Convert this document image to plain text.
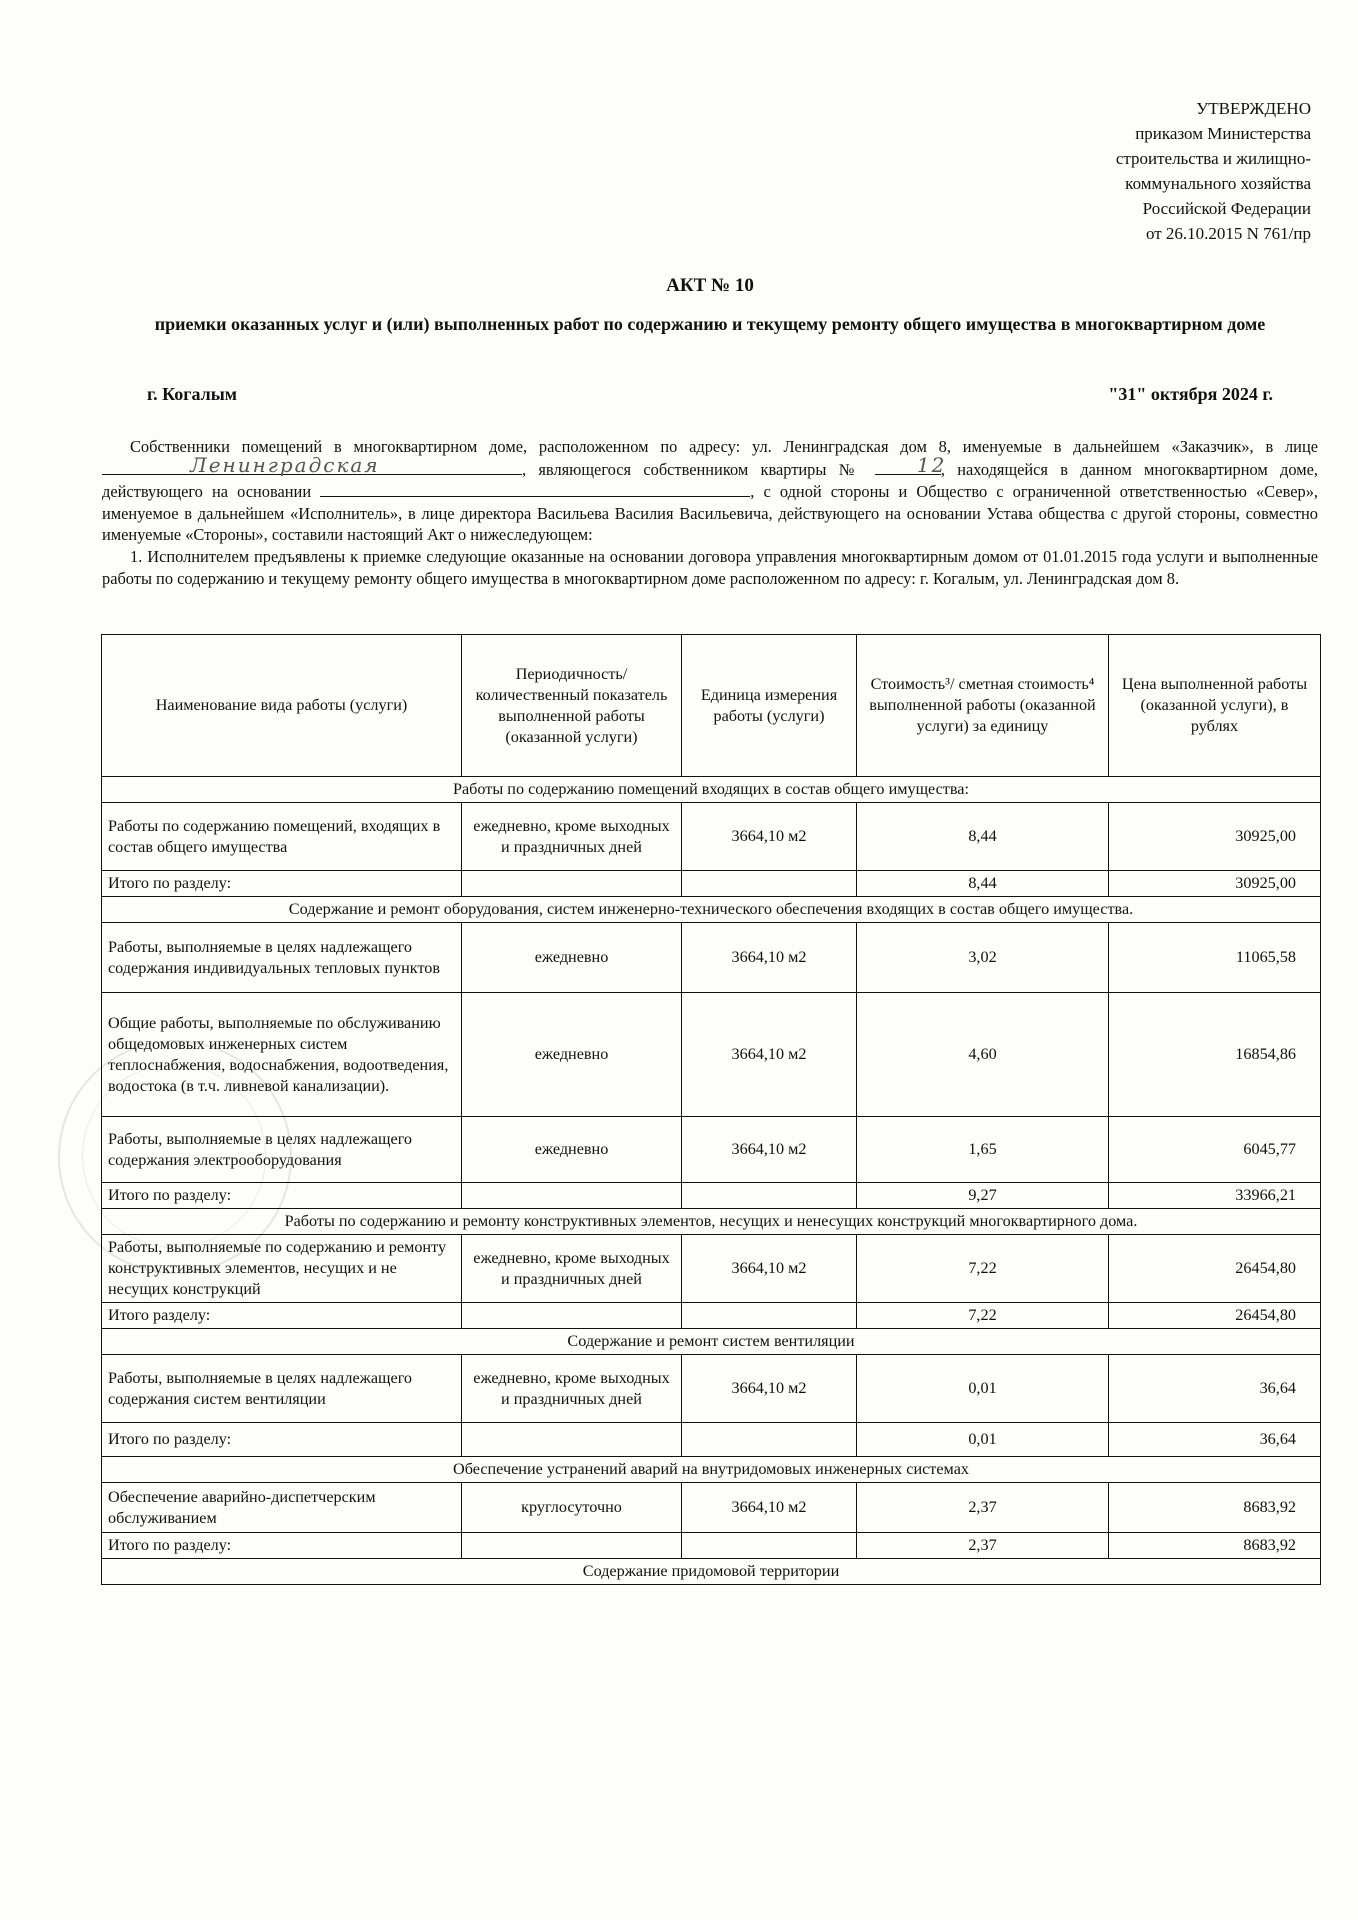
УТВЕРЖДЕНО
приказом Министерства
строительства и жилищно-
коммунального хозяйства
Российской Федерации
от 26.10.2015 N 761/пр
АКТ № 10
приемки оказанных услуг и (или) выполненных работ по содержанию и текущему ремонту общего имущества в многоквартирном доме
г. Когалым	"31" октября 2024 г.

Собственники помещений в многоквартирном доме, расположенном по адресу: ул. Ленинградская дом 8, именуемые в дальнейшем «Заказчик», в лице Ленинградская	, являющегося собственником квартиры №	12, находящейся в данном многоквартирном доме, действующего на основании	, с одной стороны и Общество с ограниченной ответственностью «Север», именуемое в дальнейшем «Исполнитель», в лице директора Васильева Василия Васильевича, действующего на основании Устава общества с другой стороны, совместно именуемые «Стороны», составили настоящий Акт о нижеследующем:

1. Исполнителем предъявлены к приемке следующие оказанные на основании договора управления многоквартирным домом от 01.01.2015 года услуги и выполненные работы по содержанию и текущему ремонту общего имущества в многоквартирном доме расположенном по адресу: г. Когалым, ул. Ленинградская дом 8.

Наименование вида работы (услуги)	Периодичность/ количественный показатель выполненной работы (оказанной услуги)	Единица измерения работы (услуги)	Стоимость³/ сметная стоимость⁴ выполненной работы (оказанной услуги) за единицу	Цена выполненной работы (оказанной услуги), в рублях
Работы по содержанию помещений входящих в состав общего имущества:				
Работы по содержанию помещений, входящих в состав общего имущества	ежедневно, кроме выходных и праздничных дней	3664,10 м2	8,44	30925,00
Итого по разделу:			8,44	30925,00
Содержание и ремонт оборудования, систем инженерно-технического обеспечения входящих в состав общего имущества.				
Работы, выполняемые в целях надлежащего содержания индивидуальных тепловых пунктов	ежедневно	3664,10 м2	3,02	11065,58
Общие работы, выполняемые по обслуживанию общедомовых инженерных систем теплоснабжения, водоснабжения, водоотведения, водостока (в т.ч. ливневой канализации).	ежедневно	3664,10 м2	4,60	16854,86
Работы, выполняемые в целях надлежащего содержания электрооборудования	ежедневно	3664,10 м2	1,65	6045,77
Итого по разделу:			9,27	33966,21
Работы по содержанию и ремонту конструктивных элементов, несущих и ненесущих конструкций многоквартирного дома.				
Работы, выполняемые по содержанию и ремонту конструктивных элементов, несущих и не несущих конструкций	ежедневно, кроме выходных и праздничных дней	3664,10 м2	7,22	26454,80
Итого разделу:			7,22	26454,80
Содержание и ремонт систем вентиляции				
Работы, выполняемые в целях надлежащего содержания систем вентиляции	ежедневно, кроме выходных и праздничных дней	3664,10 м2	0,01	36,64
Итого по разделу:			0,01	36,64
Обеспечение устранений аварий на внутридомовых инженерных системах				
Обеспечение аварийно-диспетчерским обслуживанием	круглосуточно	3664,10 м2	2,37	8683,92
Итого по разделу:			2,37	8683,92
Содержание придомовой территории				
